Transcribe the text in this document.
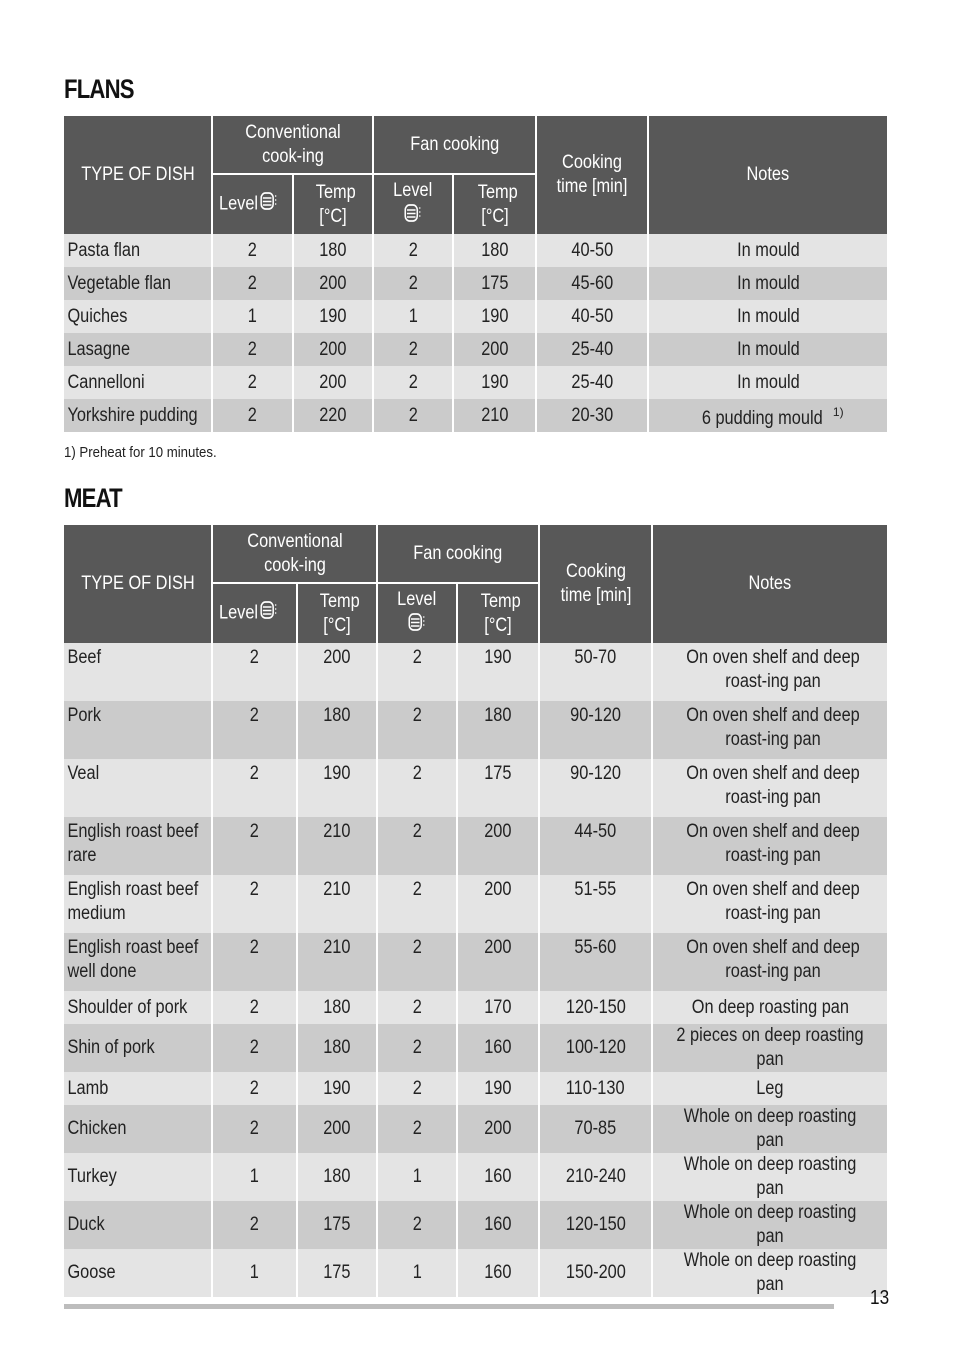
FLANS
TYPE OF DISH	Conventional cook-ing		Fan cooking		Cooking time [min]	Notes
	Level	Temp [°C]	Level	Temp [°C]		
Pasta flan	2	180	2	180	40-50	In mould
Vegetable flan	2	200	2	175	45-60	In mould
Quiches	1	190	1	190	40-50	In mould
Lasagne	2	200	2	200	25-40	In mould
Cannelloni	2	200	2	190	25-40	In mould
Yorkshire pudding	2	220	2	210	20-30	6 pudding mould $^{1)}$
1) Preheat for 10 minutes.
MEAT
TYPE OF DISH	Conventional cook-ing		Fan cooking		Cooking time [min]	Notes
	Level	Temp [°C]	Level	Temp [°C]		
Beef	2	200	2	190	50-70	On oven shelf and deep roast-ing pan
Pork	2	180	2	180	90-120	On oven shelf and deep roast-ing pan
Veal	2	190	2	175	90-120	On oven shelf and deep roast-ing pan
English roast beef rare	2	210	2	200	44-50	On oven shelf and deep roast-ing pan
English roast beef medium	2	210	2	200	51-55	On oven shelf and deep roast-ing pan
English roast beef well done	2	210	2	200	55-60	On oven shelf and deep roast-ing pan
Shoulder of pork	2	180	2	170	120-150	On deep roasting pan
Shin of pork	2	180	2	160	100-120	2 pieces on deep roasting pan
Lamb	2	190	2	190	110-130	Leg
Chicken	2	200	2	200	70-85	Whole on deep roasting pan
Turkey	1	180	1	160	210-240	Whole on deep roasting pan
Duck	2	175	2	160	120-150	Whole on deep roasting pan
Goose	1	175	1	160	150-200	Whole on deep roasting pan
13
